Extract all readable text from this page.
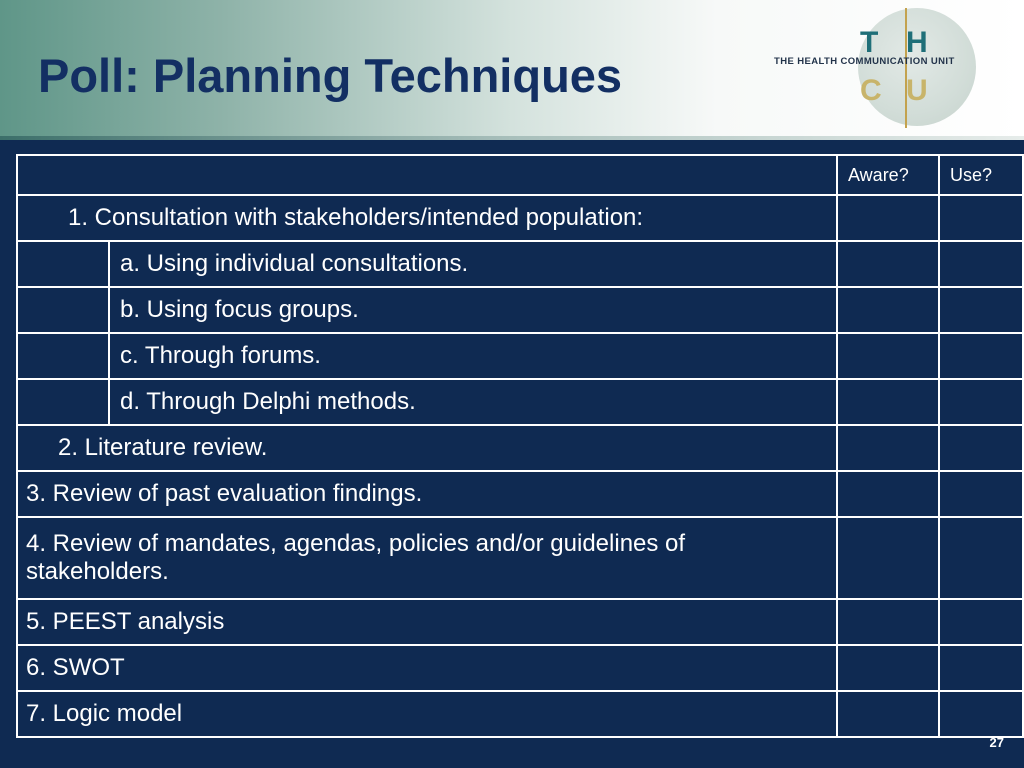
Poll: Planning Techniques
T H
C U
THE HEALTH COMMUNICATION UNIT
		Aware?	Use?
1. Consultation with stakeholders/intended population:			
	a. Using individual consultations.		
	b. Using focus groups.		
	c. Through forums.		
	d. Through Delphi methods.		
2. Literature review.			
3. Review of past evaluation findings.			
4. Review of mandates, agendas, policies and/or guidelines of stakeholders.			
5. PEEST analysis			
6. SWOT			
7. Logic model			
27
